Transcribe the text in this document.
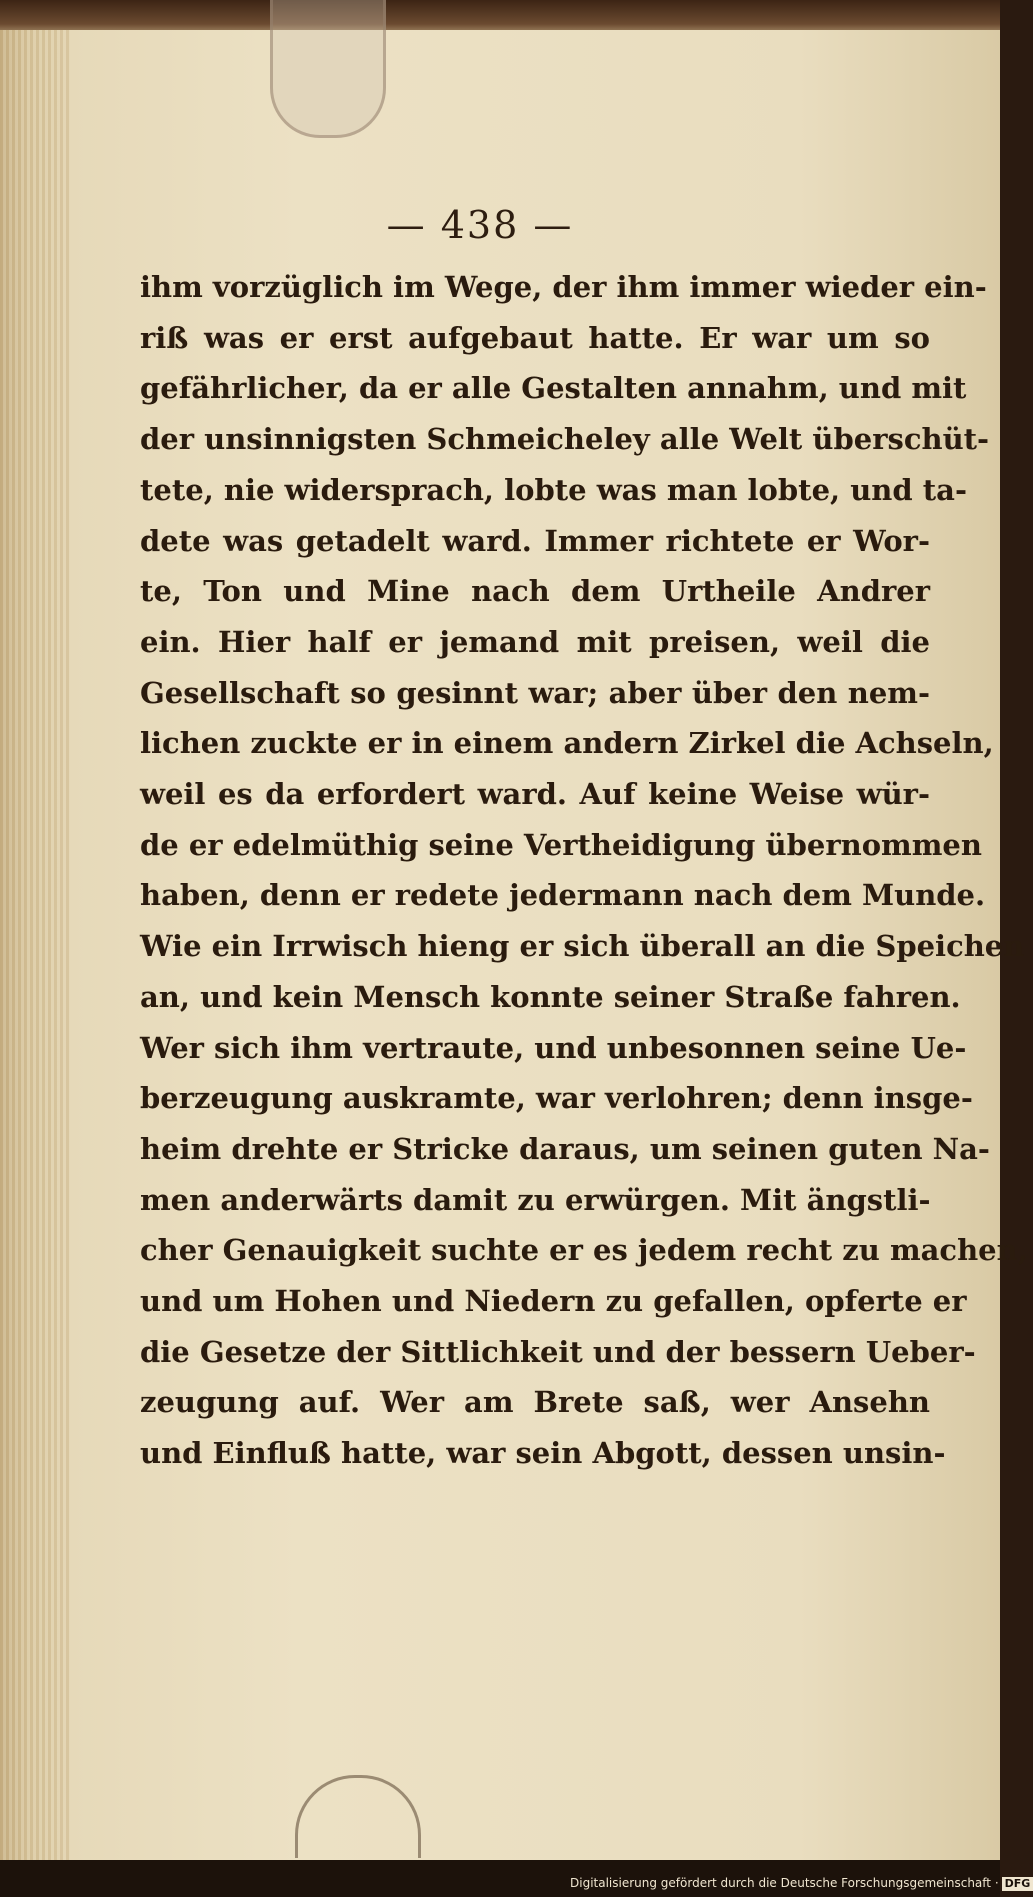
— 438 —
ihm vorzüglich im Wege, der ihm immer wieder ein-
riß was er erst aufgebaut hatte. Er war um so
gefährlicher, da er alle Gestalten annahm, und mit
der unsinnigsten Schmeicheley alle Welt überschüt-
tete, nie widersprach, lobte was man lobte, und ta-
dete was getadelt ward. Immer richtete er Wor-
te, Ton und Mine nach dem Urtheile Andrer
ein. Hier half er jemand mit preisen, weil die
Gesellschaft so gesinnt war; aber über den nem-
lichen zuckte er in einem andern Zirkel die Achseln,
weil es da erfordert ward. Auf keine Weise wür-
de er edelmüthig seine Vertheidigung übernommen
haben, denn er redete jedermann nach dem Munde.
Wie ein Irrwisch hieng er sich überall an die Speichen
an, und kein Mensch konnte seiner Straße fahren.
Wer sich ihm vertraute, und unbesonnen seine Ue-
berzeugung auskramte, war verlohren; denn insge-
heim drehte er Stricke daraus, um seinen guten Na-
men anderwärts damit zu erwürgen. Mit ängstli-
cher Genauigkeit suchte er es jedem recht zu machen,
und um Hohen und Niedern zu gefallen, opferte er
die Gesetze der Sittlichkeit und der bessern Ueber-
zeugung auf. Wer am Brete saß, wer Ansehn
und Einfluß hatte, war sein Abgott, dessen unsin-
Digitalisierung gefördert durch die Deutsche Forschungsgemeinschaft · DFG
